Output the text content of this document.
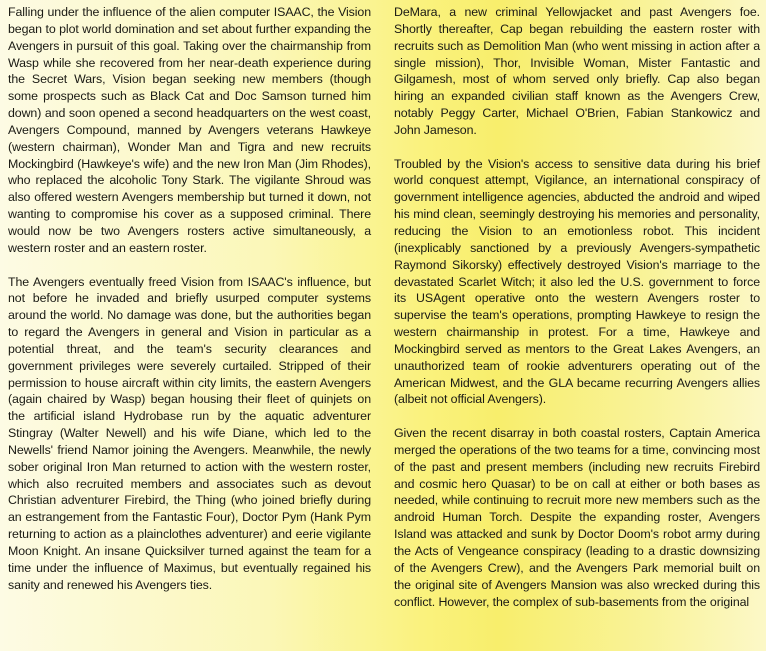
Falling under the influence of the alien computer ISAAC, the Vision began to plot world domination and set about further expanding the Avengers in pursuit of this goal. Taking over the chairmanship from Wasp while she recovered from her near-death experience during the Secret Wars, Vision began seeking new members (though some prospects such as Black Cat and Doc Samson turned him down) and soon opened a second headquarters on the west coast, Avengers Compound, manned by Avengers veterans Hawkeye (western chairman), Wonder Man and Tigra and new recruits Mockingbird (Hawkeye's wife) and the new Iron Man (Jim Rhodes), who replaced the alcoholic Tony Stark. The vigilante Shroud was also offered western Avengers membership but turned it down, not wanting to compromise his cover as a supposed criminal. There would now be two Avengers rosters active simultaneously, a western roster and an eastern roster.

The Avengers eventually freed Vision from ISAAC's influence, but not before he invaded and briefly usurped computer systems around the world. No damage was done, but the authorities began to regard the Avengers in general and Vision in particular as a potential threat, and the team's security clearances and government privileges were severely curtailed. Stripped of their permission to house aircraft within city limits, the eastern Avengers (again chaired by Wasp) began housing their fleet of quinjets on the artificial island Hydrobase run by the aquatic adventurer Stingray (Walter Newell) and his wife Diane, which led to the Newells' friend Namor joining the Avengers. Meanwhile, the newly sober original Iron Man returned to action with the western roster, which also recruited members and associates such as devout Christian adventurer Firebird, the Thing (who joined briefly during an estrangement from the Fantastic Four), Doctor Pym (Hank Pym returning to action as a plainclothes adventurer) and eerie vigilante Moon Knight. An insane Quicksilver turned against the team for a time under the influence of Maximus, but eventually regained his sanity and renewed his Avengers ties.

DeMara, a new criminal Yellowjacket and past Avengers foe. Shortly thereafter, Cap began rebuilding the eastern roster with recruits such as Demolition Man (who went missing in action after a single mission), Thor, Invisible Woman, Mister Fantastic and Gilgamesh, most of whom served only briefly. Cap also began hiring an expanded civilian staff known as the Avengers Crew, notably Peggy Carter, Michael O'Brien, Fabian Stankowicz and John Jameson.

Troubled by the Vision's access to sensitive data during his brief world conquest attempt, Vigilance, an international conspiracy of government intelligence agencies, abducted the android and wiped his mind clean, seemingly destroying his memories and personality, reducing the Vision to an emotionless robot. This incident (inexplicably sanctioned by a previously Avengers-sympathetic Raymond Sikorsky) effectively destroyed Vision's marriage to the devastated Scarlet Witch; it also led the U.S. government to force its USAgent operative onto the western Avengers roster to supervise the team's operations, prompting Hawkeye to resign the western chairmanship in protest. For a time, Hawkeye and Mockingbird served as mentors to the Great Lakes Avengers, an unauthorized team of rookie adventurers operating out of the American Midwest, and the GLA became recurring Avengers allies (albeit not official Avengers).

Given the recent disarray in both coastal rosters, Captain America merged the operations of the two teams for a time, convincing most of the past and present members (including new recruits Firebird and cosmic hero Quasar) to be on call at either or both bases as needed, while continuing to recruit more new members such as the android Human Torch. Despite the expanding roster, Avengers Island was attacked and sunk by Doctor Doom's robot army during the Acts of Vengeance conspiracy (leading to a drastic downsizing of the Avengers Crew), and the Avengers Park memorial built on the original site of Avengers Mansion was also wrecked during this conflict. However, the complex of sub-basements from the original
